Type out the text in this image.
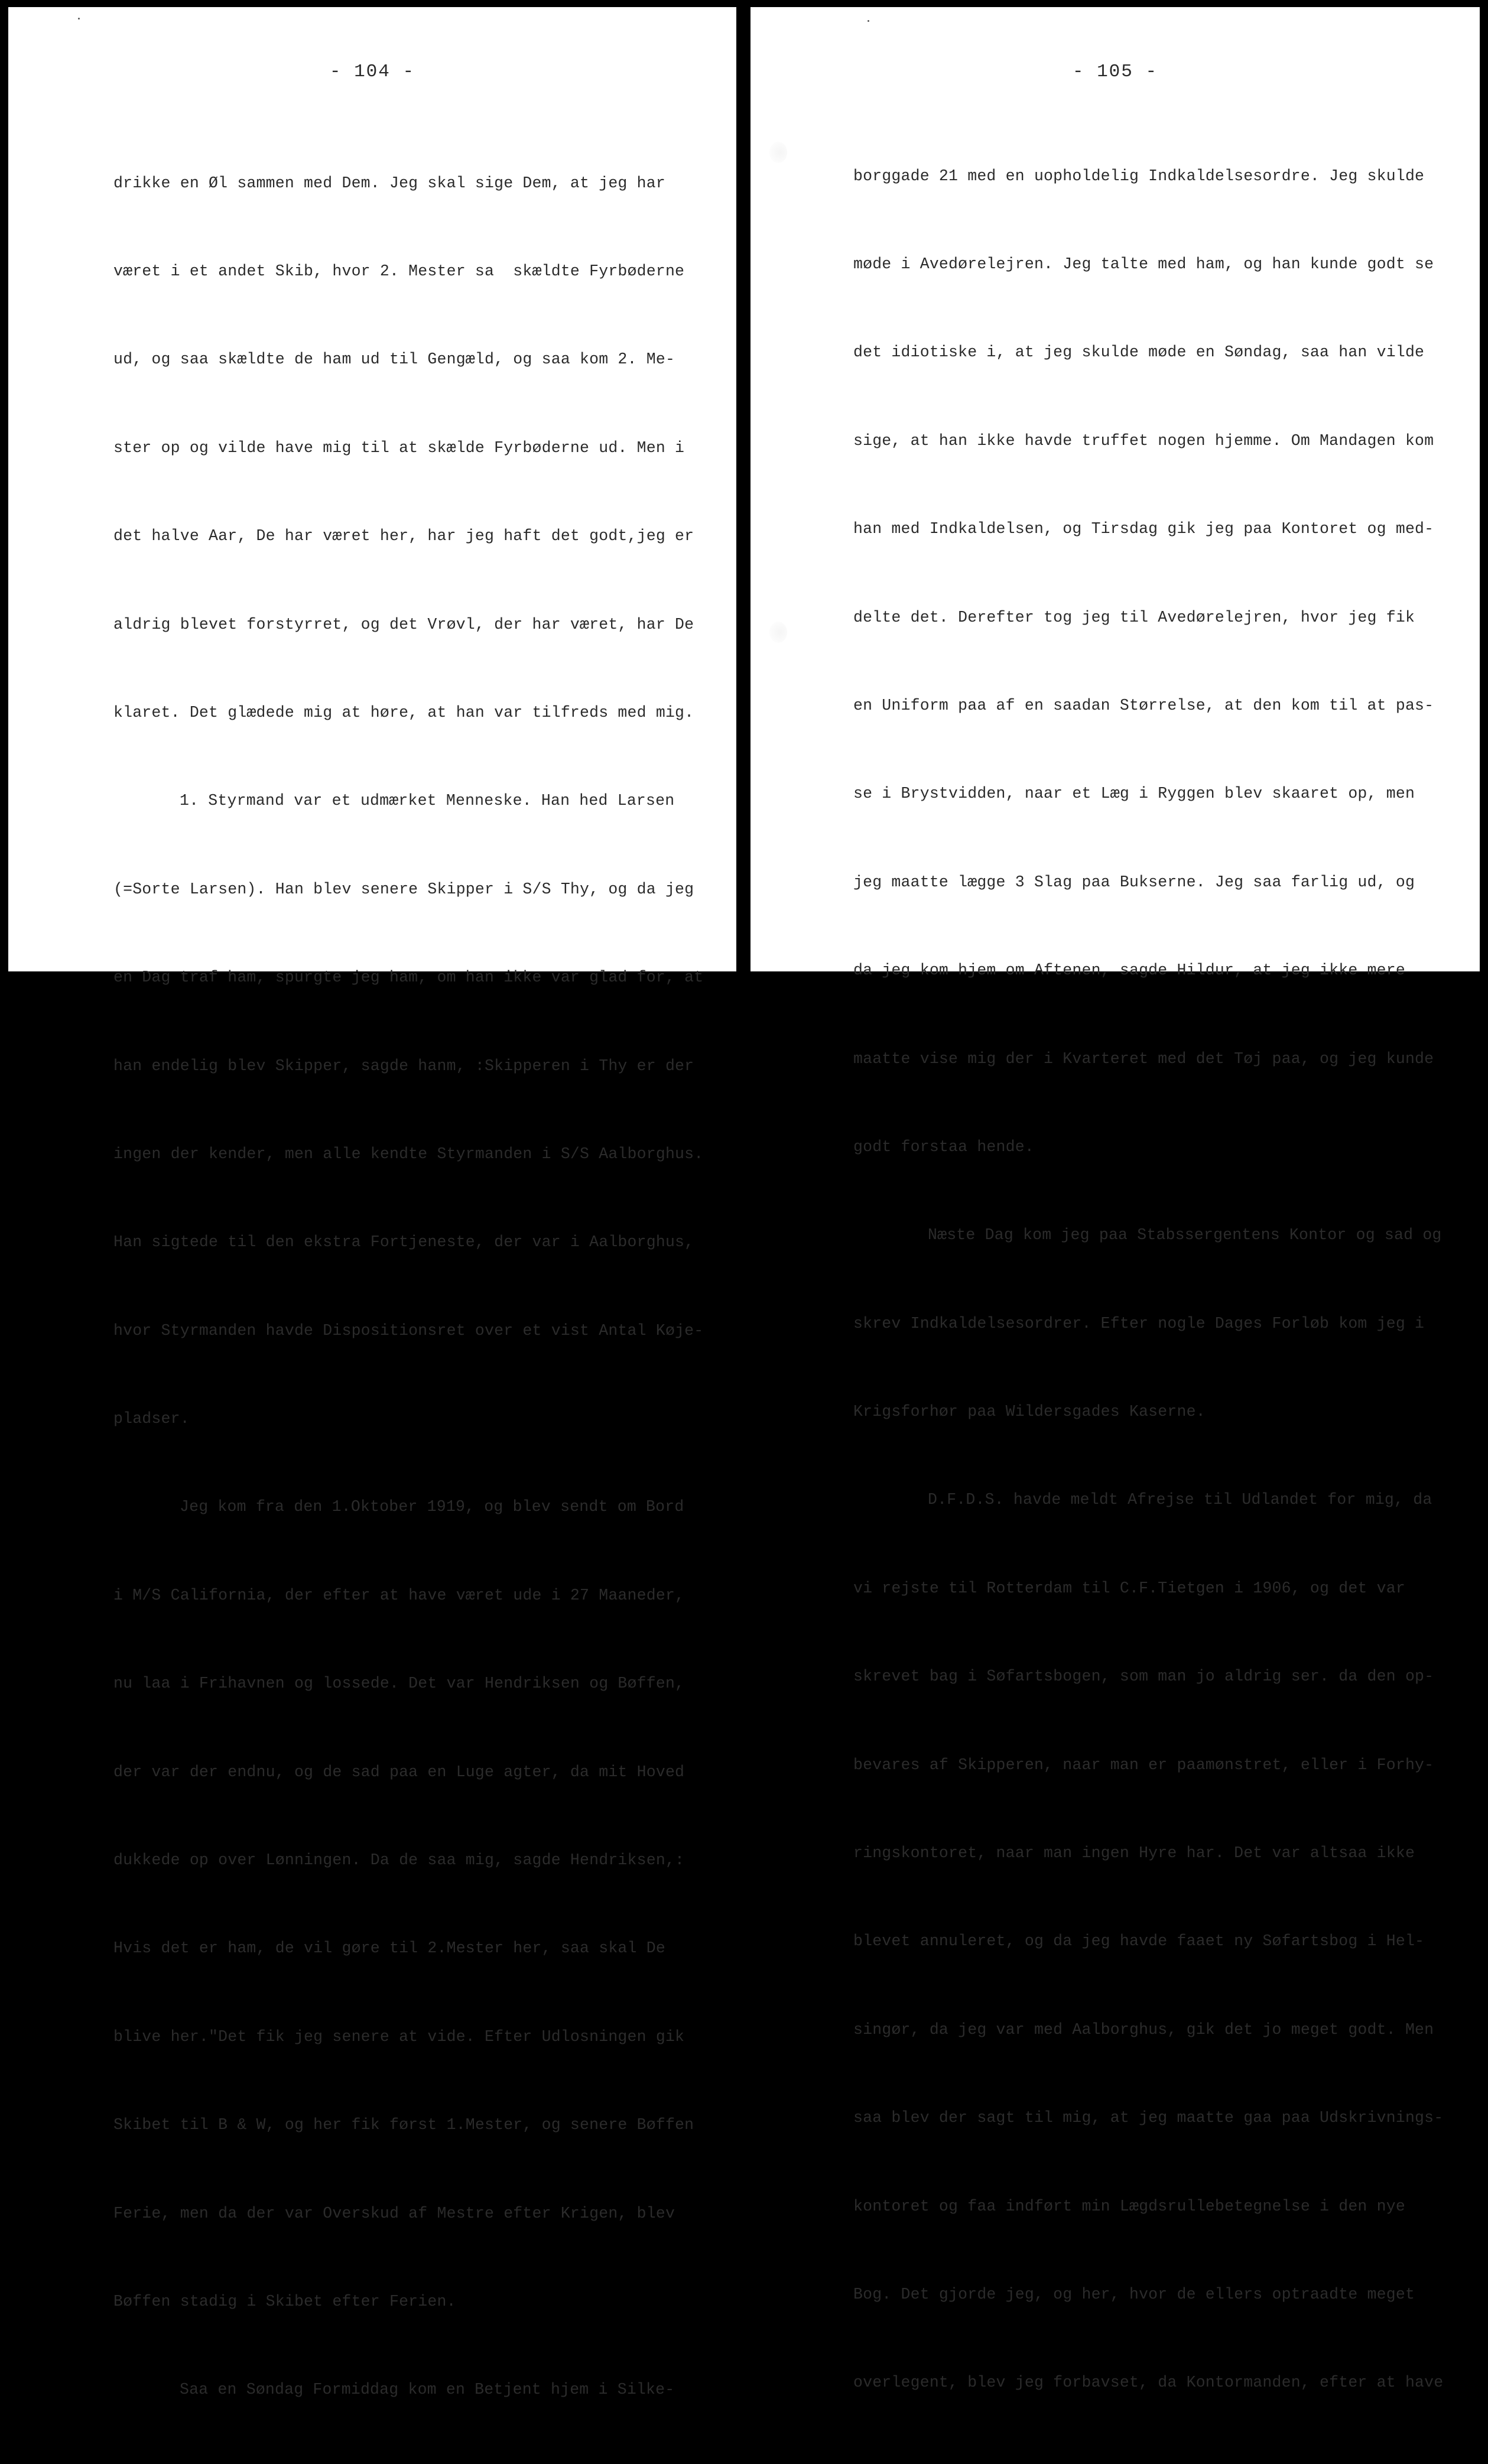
- 104 -

drikke en Øl sammen med Dem. Jeg skal sige Dem, at jeg har

været i et andet Skib, hvor 2. Mester sa  skældte Fyrbøderne

ud, og saa skældte de ham ud til Gengæld, og saa kom 2. Me-

ster op og vilde have mig til at skælde Fyrbøderne ud. Men i

det halve Aar, De har været her, har jeg haft det godt,jeg er

aldrig blevet forstyrret, og det Vrøvl, der har været, har De

klaret. Det glædede mig at høre, at han var tilfreds med mig.

1. Styrmand var et udmærket Menneske. Han hed Larsen

(=Sorte Larsen). Han blev senere Skipper i S/S Thy, og da jeg

en Dag traf ham, spurgte jeg ham, om han ikke var glad for, at

han endelig blev Skipper, sagde hanm, :Skipperen i Thy er der

ingen der kender, men alle kendte Styrmanden i S/S Aalborghus.

Han sigtede til den ekstra Fortjeneste, der var i Aalborghus,

hvor Styrmanden havde Dispositionsret over et vist Antal Køje-

pladser.

Jeg kom fra den 1.Oktober 1919, og blev sendt om Bord

i M/S California, der efter at have været ude i 27 Maaneder,

nu laa i Frihavnen og lossede. Det var Hendriksen og Bøffen,

der var der endnu, og de sad paa en Luge agter, da mit Hoved

dukkede op over Lønningen. Da de saa mig, sagde Hendriksen,:

Hvis det er ham, de vil gøre til 2.Mester her, saa skal De

blive her."Det fik jeg senere at vide. Efter Udlosningen gik

Skibet til B & W, og her fik først 1.Mester, og senere Bøffen

Ferie, men da der var Overskud af Mestre efter Krigen, blev

Bøffen stadig i Skibet efter Ferien.

Saa en Søndag Formiddag kom en Betjent hjem i Silke-

- 105 -

borggade 21 med en uopholdelig Indkaldelsesordre. Jeg skulde

møde i Avedørelejren. Jeg talte med ham, og han kunde godt se

det idiotiske i, at jeg skulde møde en Søndag, saa han vilde

sige, at han ikke havde truffet nogen hjemme. Om Mandagen kom

han med Indkaldelsen, og Tirsdag gik jeg paa Kontoret og med-

delte det. Derefter tog jeg til Avedørelejren, hvor jeg fik

en Uniform paa af en saadan Størrelse, at den kom til at pas-

se i Brystvidden, naar et Læg i Ryggen blev skaaret op, men

jeg maatte lægge 3 Slag paa Bukserne. Jeg saa farlig ud, og

da jeg kom hjem om Aftenen, sagde Hildur, at jeg ikke mere

maatte vise mig der i Kvarteret med det Tøj paa, og jeg kunde

godt forstaa hende.

Næste Dag kom jeg paa Stabssergentens Kontor og sad og

skrev Indkaldelsesordrer. Efter nogle Dages Forløb kom jeg i

Krigsforhør paa Wildersgades Kaserne.

D.F.D.S. havde meldt Afrejse til Udlandet for mig, da

vi rejste til Rotterdam til C.F.Tietgen i 1906, og det var

skrevet bag i Søfartsbogen, som man jo aldrig ser. da den op-

bevares af Skipperen, naar man er paamønstret, eller i Forhy-

ringskontoret, naar man ingen Hyre har. Det var altsaa ikke

blevet annuleret, og da jeg havde faaet ny Søfartsbog i Hel-

singør, da jeg var med Aalborghus, gik det jo meget godt. Men

saa blev der sagt til mig, at jeg maatte gaa paa Udskrivnings-

kontoret og faa indført min Lægdsrullebetegnelse i den nye

Bog. Det gjorde jeg, og her, hvor de ellers optraadte meget

overlegent, blev jeg forbavset, da Kontormanden, efter at have
